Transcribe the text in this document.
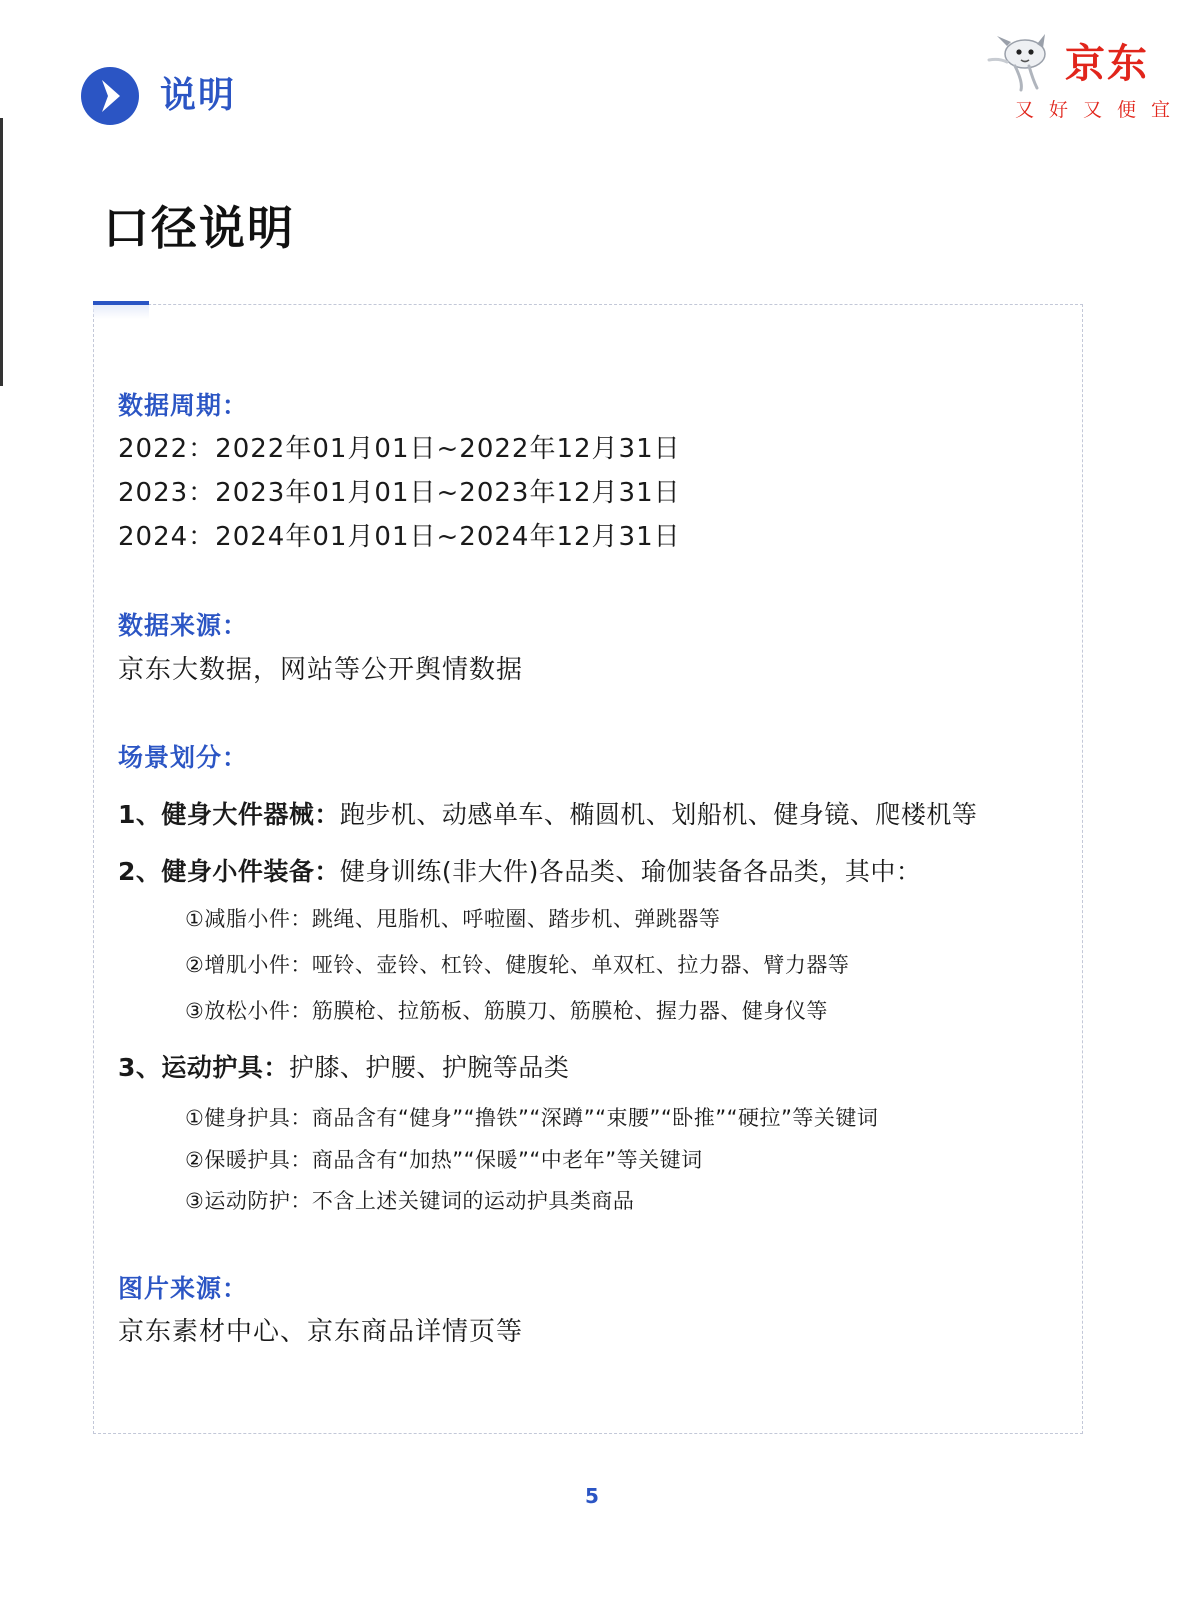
说明
京东
又好又便宜
口径说明
数据周期：
2022：2022年01月01日~2022年12月31日
2023：2023年01月01日~2023年12月31日
2024：2024年01月01日~2024年12月31日
数据来源：
京东大数据，网站等公开舆情数据
场景划分：
1、健身大件器械：跑步机、动感单车、椭圆机、划船机、健身镜、爬楼机等
2、健身小件装备：健身训练(非大件)各品类、瑜伽装备各品类，其中：
①减脂小件：跳绳、甩脂机、呼啦圈、踏步机、弹跳器等
②增肌小件：哑铃、壶铃、杠铃、健腹轮、单双杠、拉力器、臂力器等
③放松小件：筋膜枪、拉筋板、筋膜刀、筋膜枪、握力器、健身仪等
3、运动护具：护膝、护腰、护腕等品类
①健身护具：商品含有“健身”“撸铁”“深蹲”“束腰”“卧推”“硬拉”等关键词
②保暖护具：商品含有“加热”“保暖”“中老年”等关键词
③运动防护：不含上述关键词的运动护具类商品
图片来源：
京东素材中心、京东商品详情页等
5
